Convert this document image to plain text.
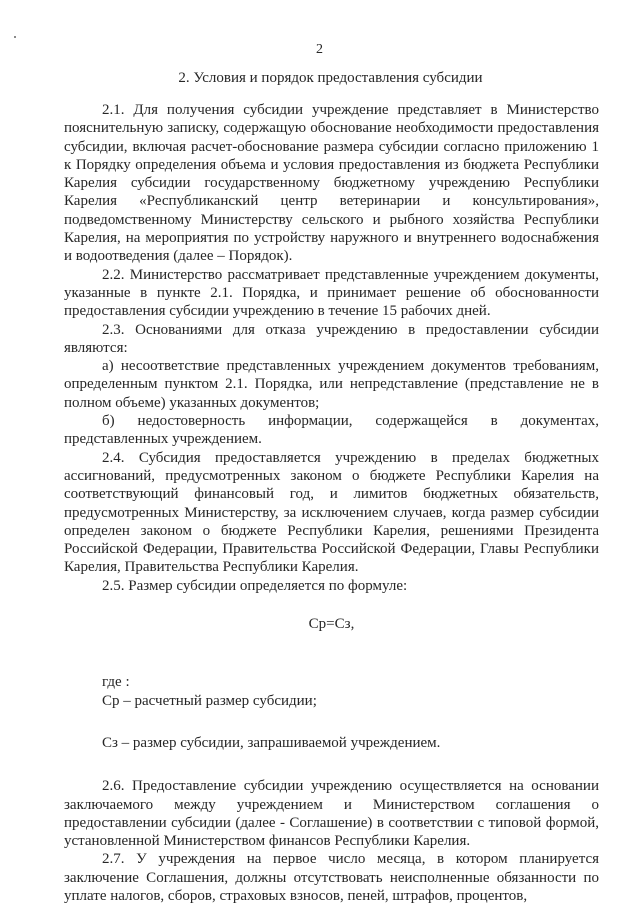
2
2. Условия и порядок предоставления субсидии

2.1. Для получения субсидии учреждение представляет в Министерство пояснительную записку, содержащую обоснование необходимости предоставления субсидии, включая расчет-обоснование размера субсидии согласно приложению 1 к Порядку определения объема и условия предоставления из бюджета Республики Карелия субсидии государственному бюджетному учреждению Республики Карелия «Республиканский центр ветеринарии и консультирования», подведомственному Министерству сельского и рыбного хозяйства Республики Карелия, на мероприятия по устройству наружного и внутреннего водоснабжения и водоотведения (далее – Порядок).

2.2. Министерство рассматривает представленные учреждением документы, указанные в пункте 2.1. Порядка, и принимает решение об обоснованности предоставления субсидии учреждению в течение 15 рабочих дней.

2.3. Основаниями для отказа учреждению в предоставлении субсидии являются:

а) несоответствие представленных учреждением документов требованиям, определенным пунктом 2.1. Порядка, или непредставление (представление не в полном объеме) указанных документов;

б) недостоверность информации, содержащейся в документах, представленных учреждением.

2.4. Субсидия предоставляется учреждению в пределах бюджетных ассигнований, предусмотренных законом о бюджете Республики Карелия на соответствующий финансовый год, и лимитов бюджетных обязательств, предусмотренных Министерству, за исключением случаев, когда размер субсидии определен законом о бюджете Республики Карелия, решениями Президента Российской Федерации, Правительства Российской Федерации, Главы Республики Карелия, Правительства Республики Карелия.

2.5. Размер субсидии определяется по формуле:

Ср=Сз,

где :

Ср – расчетный размер субсидии;

Сз – размер субсидии, запрашиваемой учреждением.

2.6. Предоставление субсидии учреждению осуществляется на основании заключаемого между учреждением и Министерством соглашения о предоставлении субсидии (далее - Соглашение) в соответствии с типовой формой, установленной Министерством финансов Республики Карелия.

2.7. У учреждения на первое число месяца, в котором планируется заключение Соглашения, должны отсутствовать неисполненные обязанности по уплате налогов, сборов, страховых взносов, пеней, штрафов, процентов,
